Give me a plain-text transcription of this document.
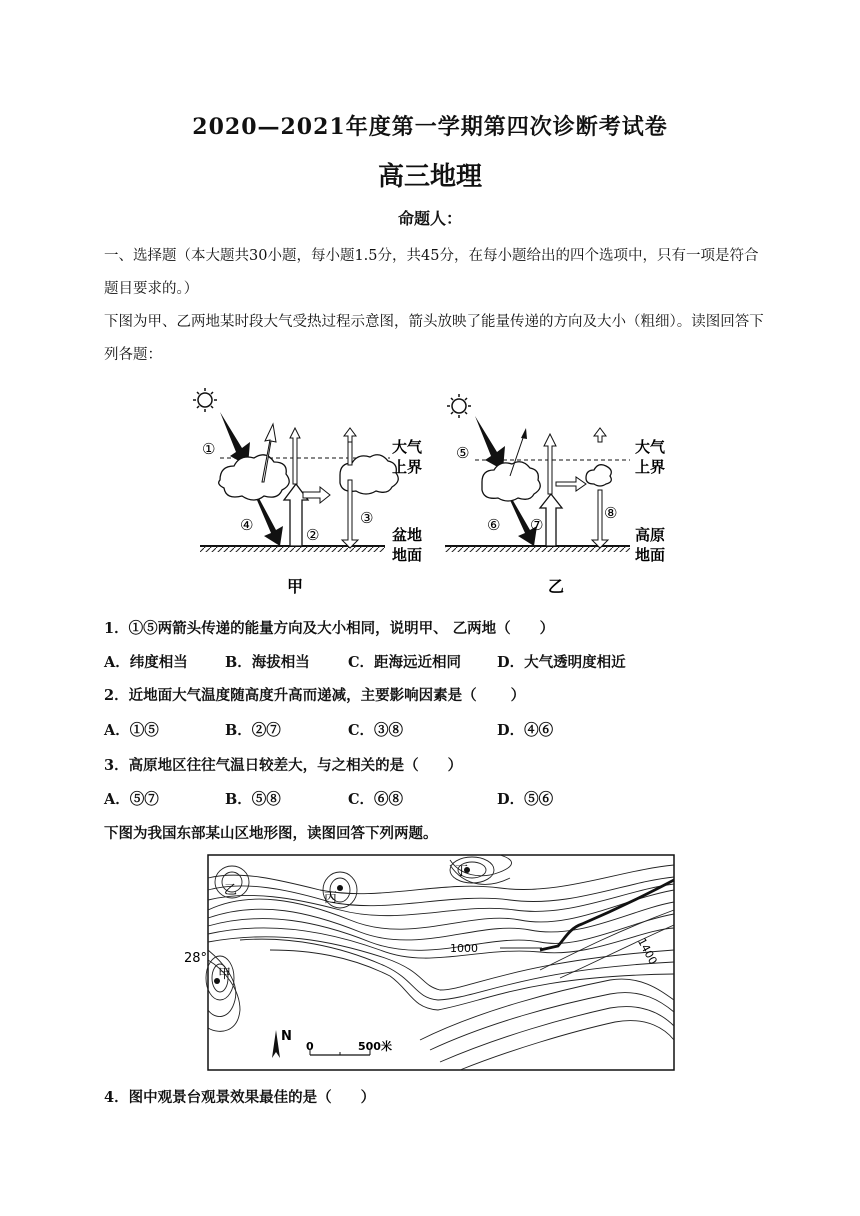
2020—2021年度第一学期第四次诊断考试卷
高三地理
命题人：
一、选择题（本大题共30小题，每小题1.5分，共45分，在每小题给出的四个选项中，只有一项是符合题目要求的。）
下图为甲、乙两地某时段大气受热过程示意图，箭头放映了能量传递的方向及大小（粗细）。读图回答下列各题：
①
④
②
③
大气
上界
盆地
地面
甲
⑤
⑥ ⑦
⑧
大气
上界
高原
地面
乙
1．①⑤两箭头传递的能量方向及大小相同，说明甲、 乙两地（　　）
A．纬度相当	B．海拔相当	C．距海远近相同 D．大气透明度相近
2．近地面大气温度随高度升高而递减，主要影响因素是（　　 ）
A．①⑤	B．②⑦	C．③⑧	D．④⑥
3．高原地区往往气温日较差大，与之相关的是（　　）
A．⑤⑦	B．⑤⑧	C．⑥⑧	D．⑤⑥
下图为我国东部某山区地形图，读图回答下列两题。
丁
乙
丙
甲
28°
1000	1400
N
0	500米
4．图中观景台观景效果最佳的是（　　）
